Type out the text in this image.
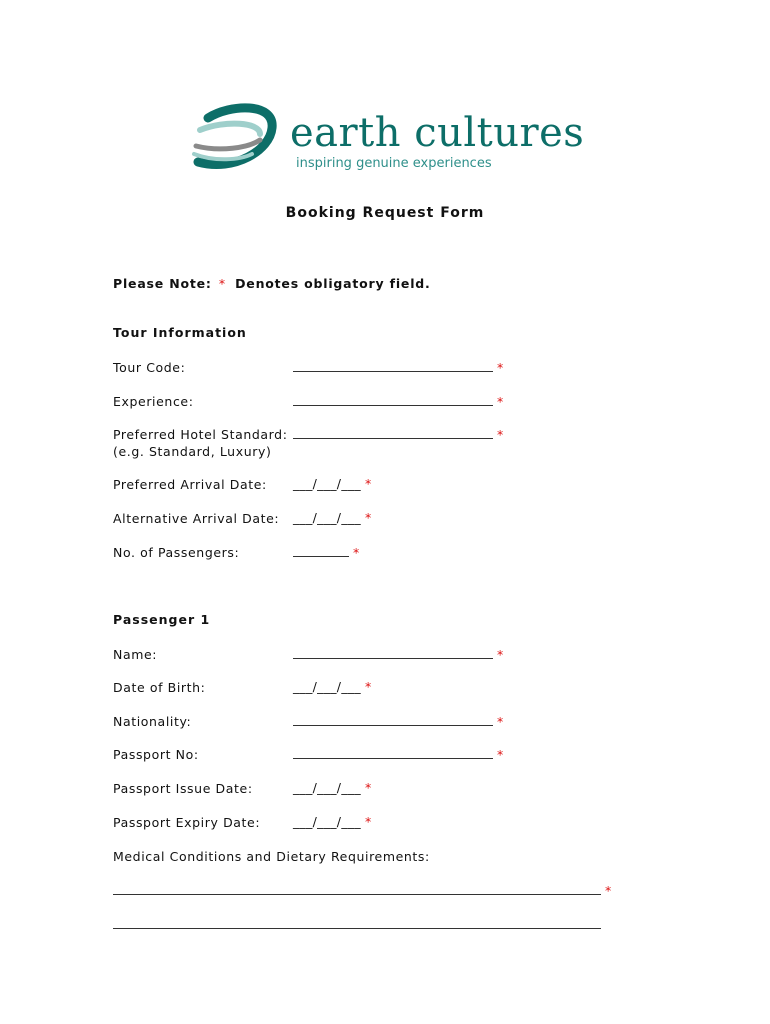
earth cultures
inspiring genuine experiences
Booking Request Form
Please Note: * Denotes obligatory field.
Tour Information
Tour Code:	*
Experience:	*
Preferred Hotel Standard:
(e.g. Standard, Luxury)
*
Preferred Arrival Date: ___/___/___ *
Alternative Arrival Date: ___/___/___ *
No. of Passengers:	*
Passenger 1
Name:	*
Date of Birth:	___/___/___ *
Nationality:	*
Passport No:	*
Passport Issue Date:	___/___/___ *
Passport Expiry Date:	___/___/___ *
Medical Conditions and Dietary Requirements:
*
